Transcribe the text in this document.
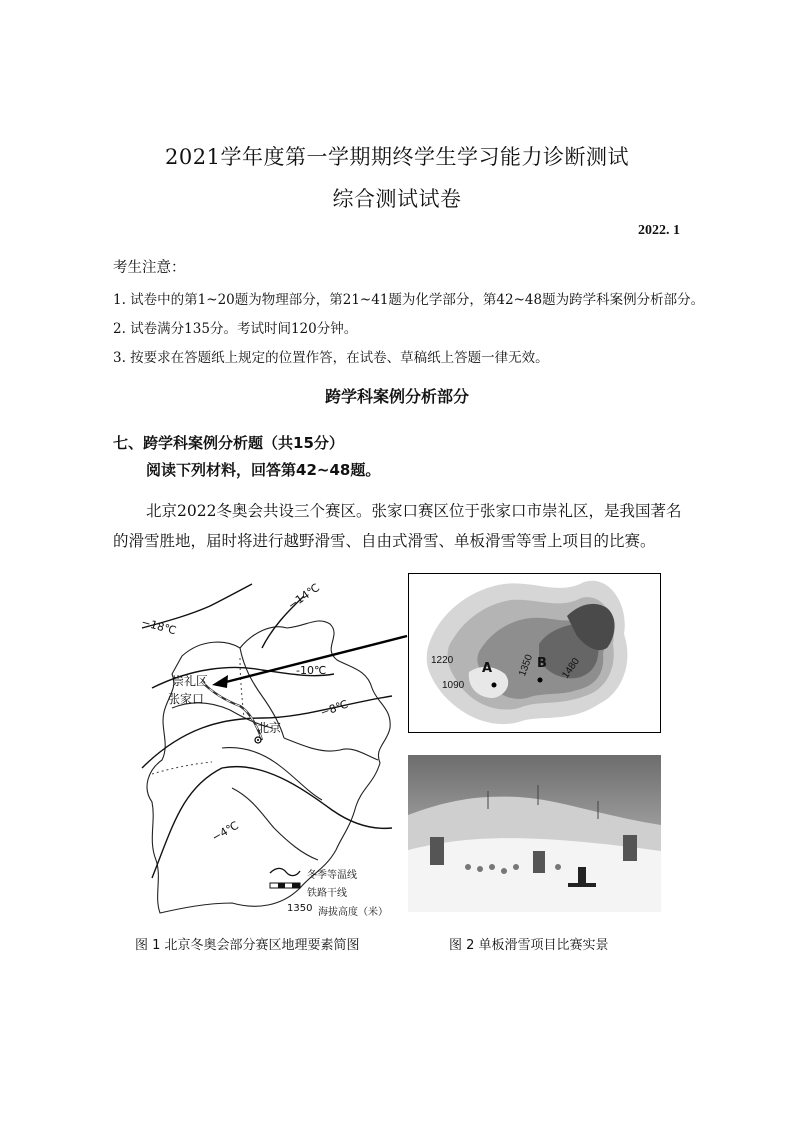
2021学年度第一学期期终学生学习能力诊断测试
综合测试试卷
2022. 1
考生注意：
1. 试卷中的第1~20题为物理部分，第21~41题为化学部分，第42~48题为跨学科案例分析部分。
2. 试卷满分135分。考试时间120分钟。
3. 按要求在答题纸上规定的位置作答，在试卷、草稿纸上答题一律无效。
跨学科案例分析部分
七、跨学科案例分析题（共15分）
阅读下列材料，回答第42~48题。
北京2022冬奥会共设三个赛区。张家口赛区位于张家口市崇礼区，是我国著名的滑雪胜地，届时将进行越野滑雪、自由式滑雪、单板滑雪等雪上项目的比赛。
−14℃
−18℃
-10℃
−8℃
−4℃
崇礼区
张家口
北京
冬季等温线
铁路干线
1350 海拔高度（米）
1220
1090
1350	1480
A	B
图 1 北京冬奥会部分赛区地理要素简图	图 2 单板滑雪项目比赛实景
